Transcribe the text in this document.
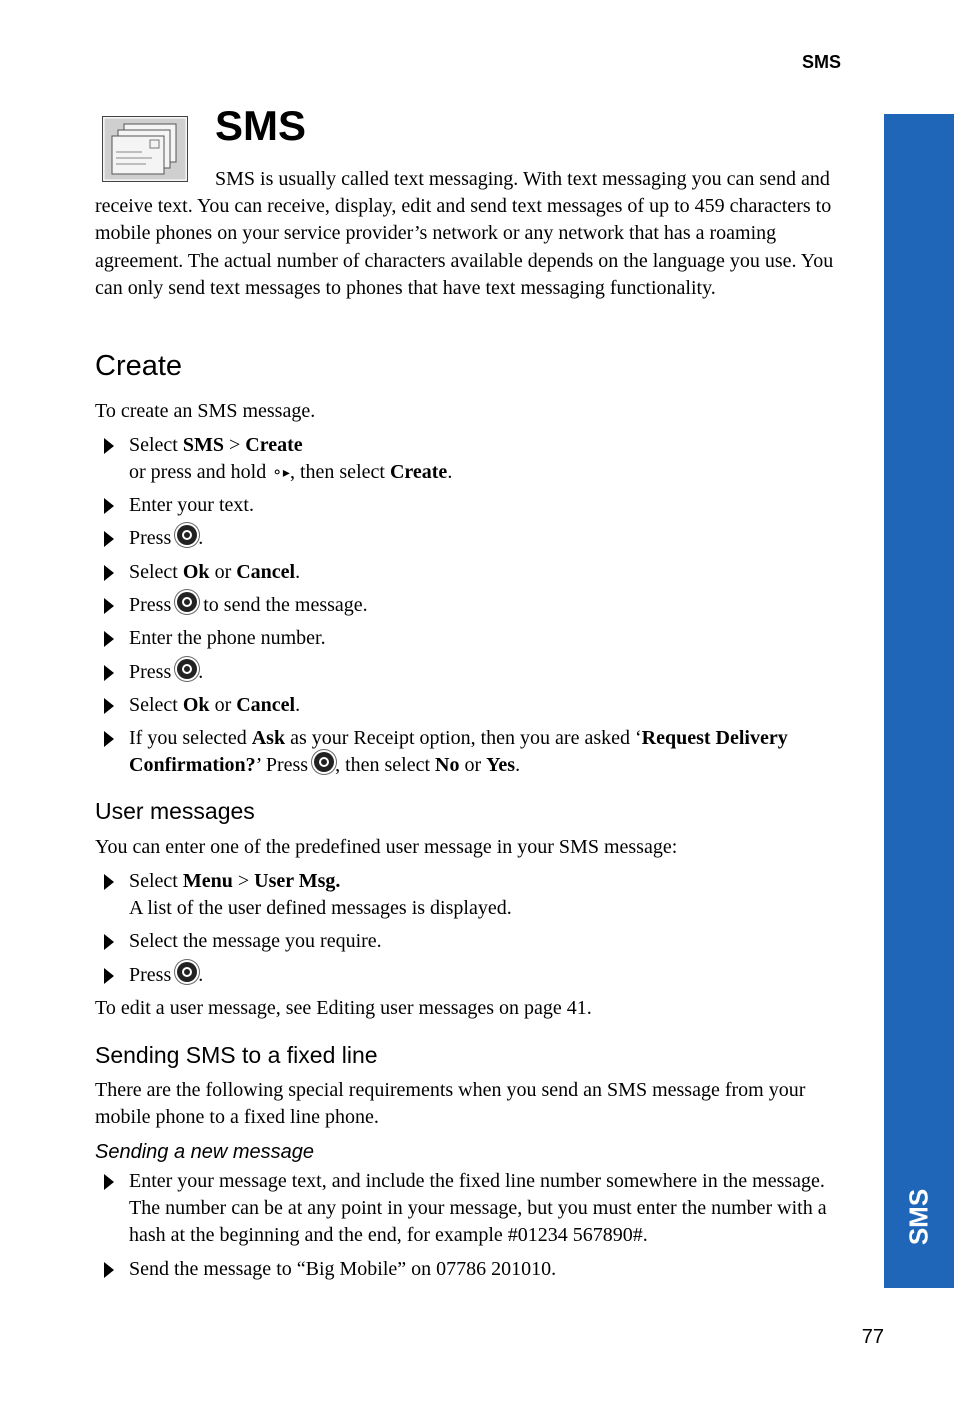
SMS
SMS
SMS

SMS is usually called text messaging. With text messaging you can send and receive text. You can receive, display, edit and send text messages of up to 459 characters to mobile phones on your service provider’s network or any network that has a roaming agreement. The actual number of characters available depends on the language you use. You can only send text messages to phones that have text messaging functionality.

Create

To create an SMS message.

Select SMS > Create
or press and hold ⚬▸, then select Create.
Enter your text.
Press .
Select Ok or Cancel.
Press  to send the message.
Enter the phone number.
Press .
Select Ok or Cancel.
If you selected Ask as your Receipt option, then you are asked ‘Request Delivery Confirmation?’ Press , then select No or Yes.
User messages

You can enter one of the predefined user message in your SMS message:

Select Menu > User Msg.
A list of the user defined messages is displayed.
Select the message you require.
Press .

To edit a user message, see Editing user messages on page 41.

Sending SMS to a fixed line

There are the following special requirements when you send an SMS message from your mobile phone to a fixed line phone.

Sending a new message
Enter your message text, and include the fixed line number somewhere in the message. The number can be at any point in your message, but you must enter the number with a hash at the beginning and the end, for example #01234 567890#.
Send the message to “Big Mobile” on 07786 201010.
77
